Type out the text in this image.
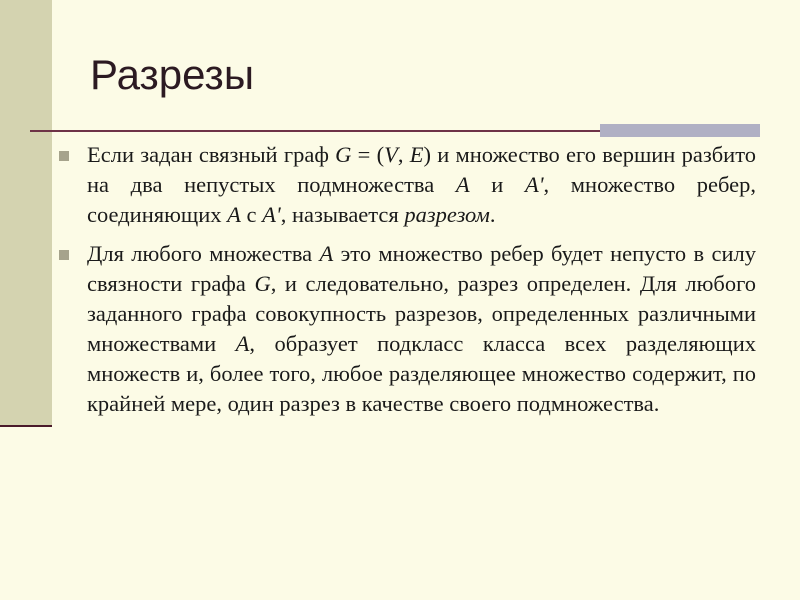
Разрезы
Если задан связный граф G = (V, E) и множество его вершин разбито на два непустых подмножества A и A', множество ребер, соединяющих A с A', называется разрезом.
Для любого множества A это множество ребер будет непусто в силу связности графа G, и следовательно, разрез определен. Для любого заданного графа совокупность разрезов, определенных различными множествами A, образует подкласс класса всех разделяющих множеств и, более того, любое разделяющее множество содержит, по крайней мере, один разрез в качестве своего подмножества.
